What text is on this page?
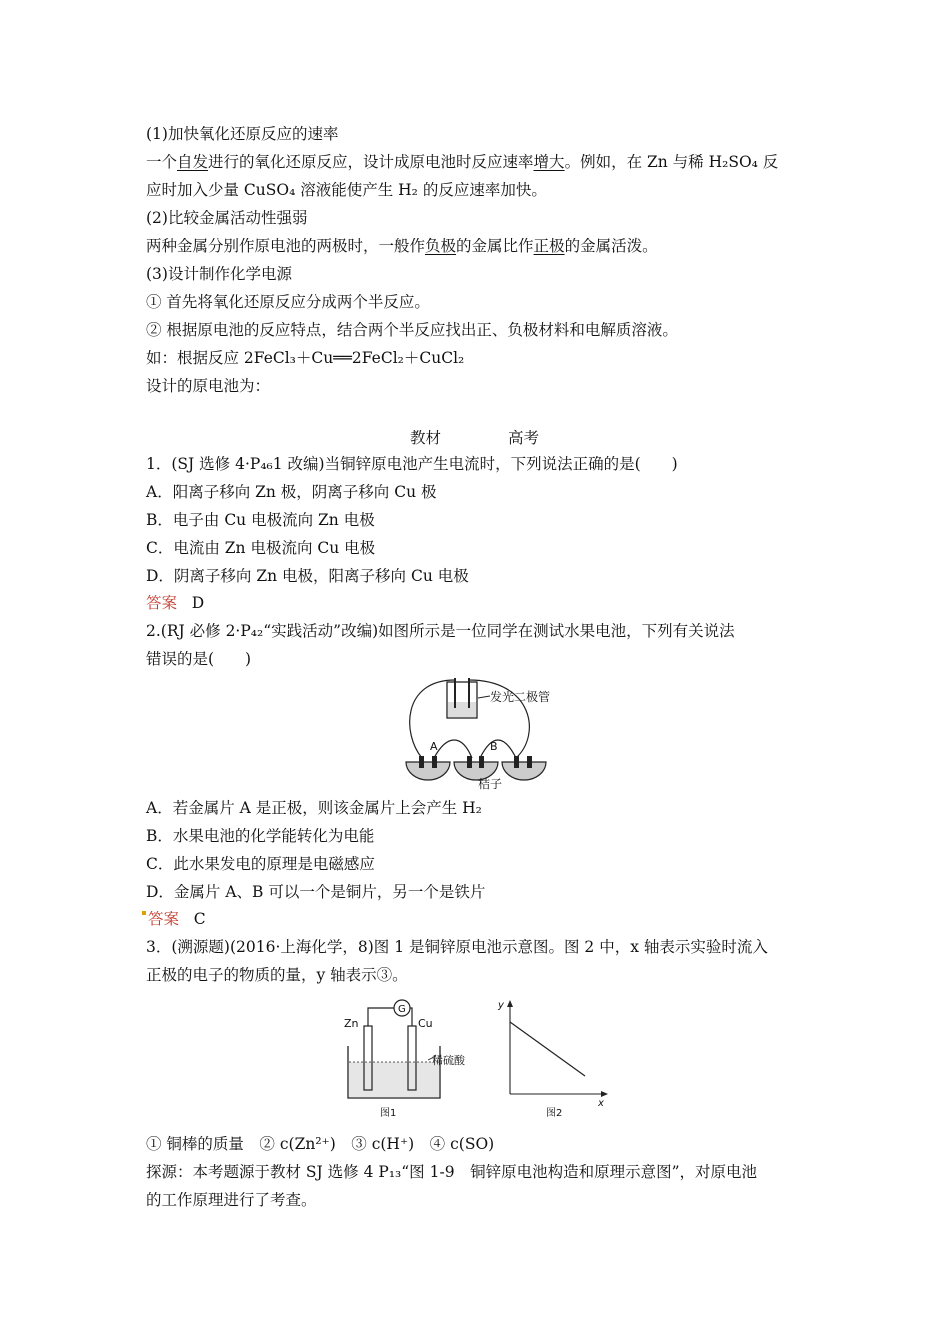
(1)加快氧化还原反应的速率
一个自发进行的氧化还原反应，设计成原电池时反应速率增大。例如，在 Zn 与稀 H₂SO₄ 反
应时加入少量 CuSO₄ 溶液能使产生 H₂ 的反应速率加快。
(2)比较金属活动性强弱
两种金属分别作原电池的两极时，一般作负极的金属比作正极的金属活泼。
(3)设计制作化学电源
① 首先将氧化还原反应分成两个半反应。
② 根据原电池的反应特点，结合两个半反应找出正、负极材料和电解质溶液。
如：根据反应 2FeCl₃＋Cu══2FeCl₂＋CuCl₂
设计的原电池为：
教材	高考
1．(SJ 选修 4·P₄₆1 改编)当铜锌原电池产生电流时，下列说法正确的是(　　)
A．阳离子移向 Zn 极，阴离子移向 Cu 极
B．电子由 Cu 电极流向 Zn 电极
C．电流由 Zn 电极流向 Cu 电极
D．阴离子移向 Zn 电极，阳离子移向 Cu 电极
答案 D
2.(RJ 必修 2·P₄₂“实践活动”改编)如图所示是一位同学在测试水果电池，下列有关说法
错误的是(　　)
发光二极管
A	B
桔子
A．若金属片 A 是正极，则该金属片上会产生 H₂
B．水果电池的化学能转化为电能
C．此水果发电的原理是电磁感应
D．金属片 A、B 可以一个是铜片，另一个是铁片
答案 C
3．(溯源题)(2016·上海化学，8)图 1 是铜锌原电池示意图。图 2 中，x 轴表示实验时流入
正极的电子的物质的量，y 轴表示③。
G
Zn	Cu
稀硫酸
图1
y
x
图2
① 铜棒的质量　② c(Zn²⁺)　③ c(H⁺)　④ c(SO)
探源：本考题源于教材 SJ 选修 4 P₁₃“图 1-9　铜锌原电池构造和原理示意图”，对原电池
的工作原理进行了考查。
